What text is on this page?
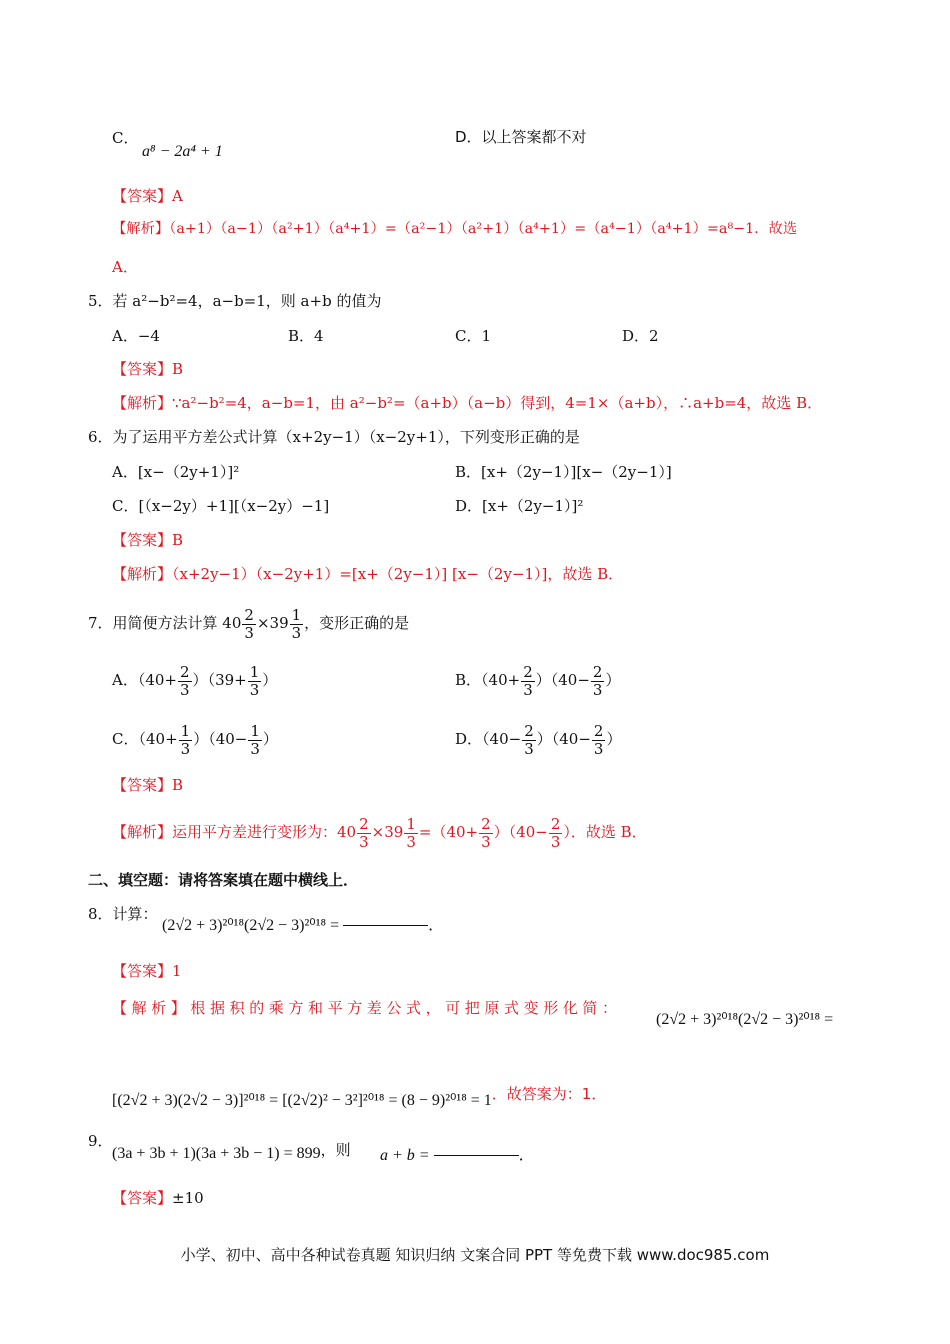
C．
a⁸ − 2a⁴ + 1
D．以上答案都不对
【答案】A
【解析】（a+1）（a−1）（a²+1）（a⁴+1）=（a²−1）（a²+1）（a⁴+1）=（a⁴−1）（a⁴+1）=a⁸−1．故选
A．
5．若 a²−b²=4，a−b=1，则 a+b 的值为
A．−4	B．4	C．1	D．2
【答案】B
【解析】∵a²−b²=4，a−b=1，由 a²−b²=（a+b）（a−b）得到，4=1×（a+b），∴a+b=4，故选 B．
6．为了运用平方差公式计算（x+2y−1）（x−2y+1），下列变形正确的是
A．[x−（2y+1）]²	B．[x+（2y−1）][x−（2y−1）]
C．[（x−2y）+1][（x−2y）−1]	D．[x+（2y−1）]²
【答案】B
【解析】（x+2y−1）（x−2y+1）=[x+（2y−1）] [x−（2y−1）]，故选 B．
7．用简便方法计算 $40 \frac{2}{3} \times 39 \frac{1}{3}$ ，变形正确的是
A．$(40+ \frac{2}{3} )(39+ \frac{1}{3}$ ）	B．$(40+ \frac{2}{3} )(40- \frac{2}{3}$ ）
C．$(40+ \frac{1}{3} )(40- \frac{1}{3}$ ）	D．$(40- \frac{2}{3} )(40- \frac{2}{3}$ ）
【答案】B
【解析】运用平方差进行变形为：$40 \frac{2}{3} \times 39 \frac{1}{3} =(40+ \frac{2}{3} )(40- \frac{2}{3}$ ）．故选 B．
二、填空题：请将答案填在题中横线上．
8．计算：
(2√2 + 3)²⁰¹⁸(2√2 − 3)²⁰¹⁸ =	．
【答案】1
【解析】根据积的乘方和平方差公式，可把原式变形化简：
(2√2 + 3)²⁰¹⁸(2√2 − 3)²⁰¹⁸ =
[(2√2 + 3)(2√2 − 3)]²⁰¹⁸ = [(2√2)² − 3²]²⁰¹⁸ = (8 − 9)²⁰¹⁸ = 1．故答案为：1．
9．
(3a + 3b + 1)(3a + 3b − 1) = 899，则 a + b =	．
【答案】±10
小学、初中、高中各种试卷真题 知识归纳 文案合同 PPT 等免费下载 www.doc985.com
